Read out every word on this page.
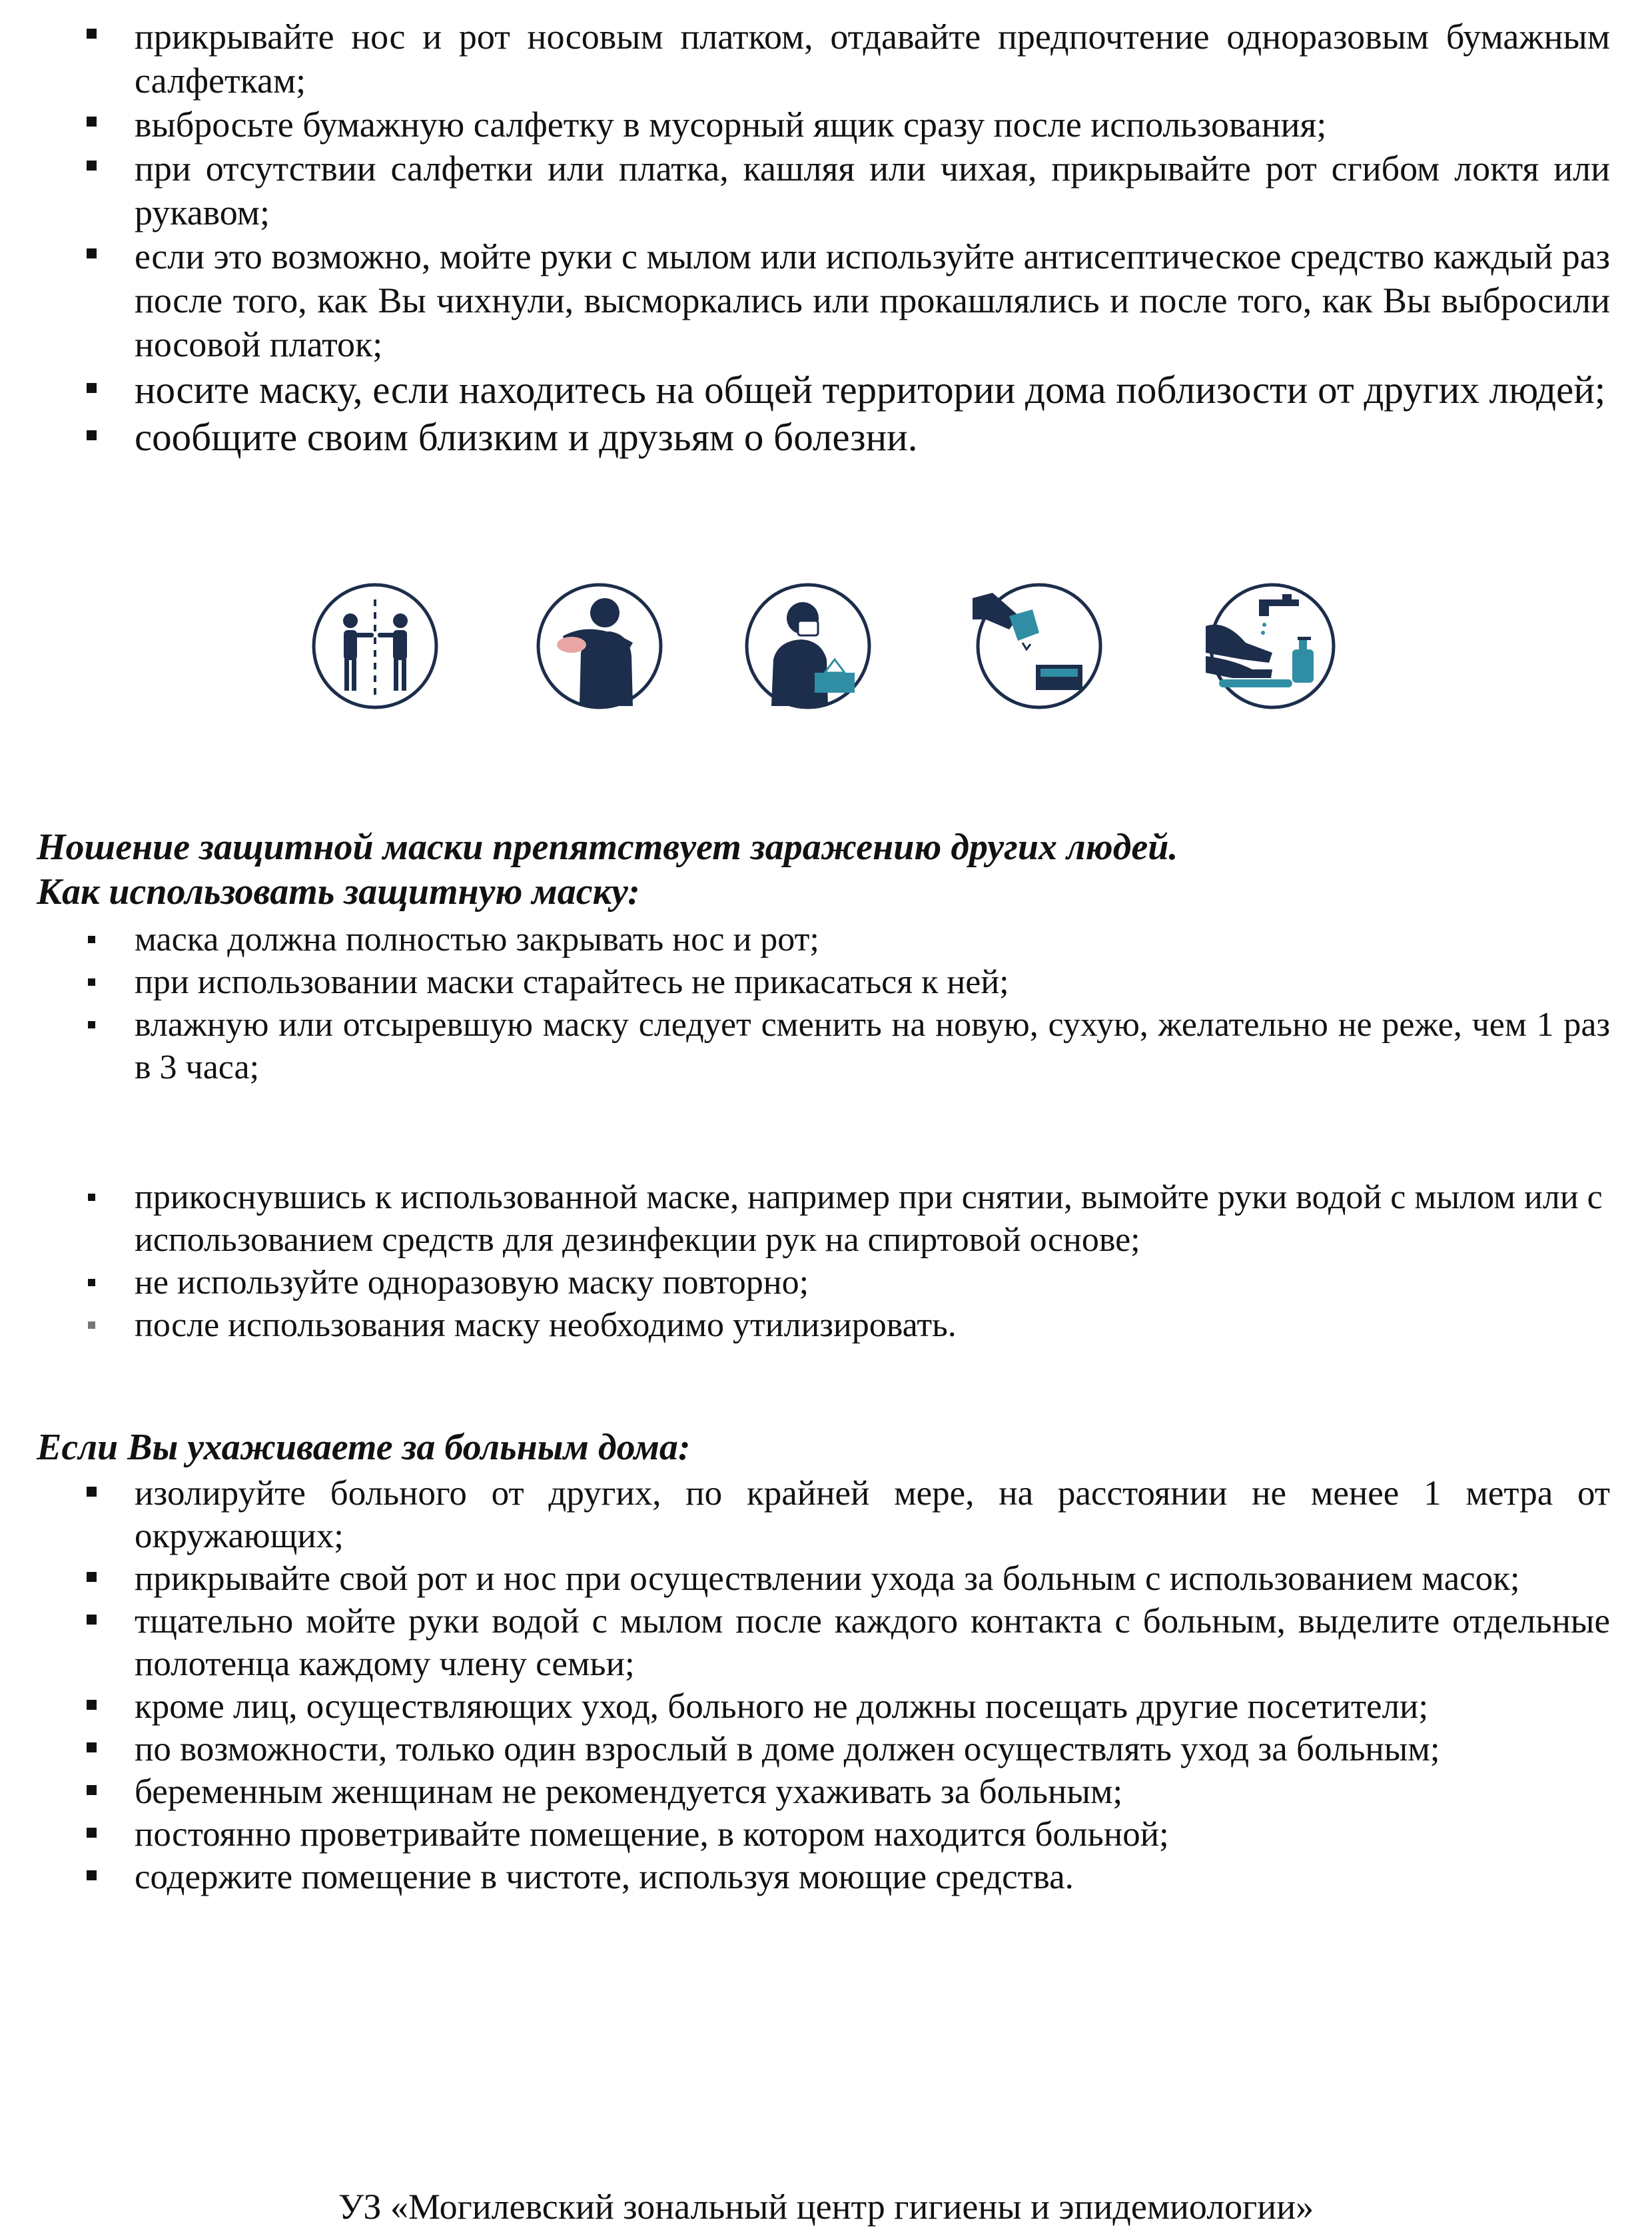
прикрывайте нос и рот носовым платком, отдавайте предпочтение одноразовым бумажным салфеткам;
выбросьте бумажную салфетку в мусорный ящик сразу после использования;
при отсутствии салфетки или платка, кашляя или чихая, прикрывайте рот сгибом локтя или рукавом;
если это возможно, мойте руки с мылом или используйте антисептическое средство каждый раз после того, как Вы чихнули, высморкались или прокашлялись и после того, как Вы выбросили носовой платок;
носите маску, если находитесь на общей территории дома поблизости от других людей;
сообщите своим близким и друзьям о болезни.

Ношение защитной маски препятствует заражению других людей.

Как использовать защитную маску:

маска должна полностью закрывать нос и рот;
при использовании маски старайтесь не прикасаться к ней;
влажную или отсыревшую маску следует сменить на новую, сухую, желательно не реже, чем 1 раз в 3 часа;
прикоснувшись к использованной маске, например при снятии, вымойте руки водой с мылом или с использованием средств для дезинфекции рук на спиртовой основе;
не используйте одноразовую маску повторно;
после использования маску необходимо утилизировать.

Если Вы ухаживаете за больным дома:

изолируйте больного от других, по крайней мере, на расстоянии не менее 1 метра от окружающих;
прикрывайте свой рот и нос при осуществлении ухода за больным с использованием масок;
тщательно мойте руки водой с мылом после каждого контакта с больным, выделите отдельные полотенца каждому члену семьи;
кроме лиц, осуществляющих уход, больного не должны посещать другие посетители;
по возможности, только один взрослый в доме должен осуществлять уход за больным;
беременным женщинам не рекомендуется ухаживать за больным;
постоянно проветривайте помещение, в котором находится больной;
содержите помещение в чистоте, используя моющие средства.
УЗ «Могилевский зональный центр гигиены и эпидемиологии»
